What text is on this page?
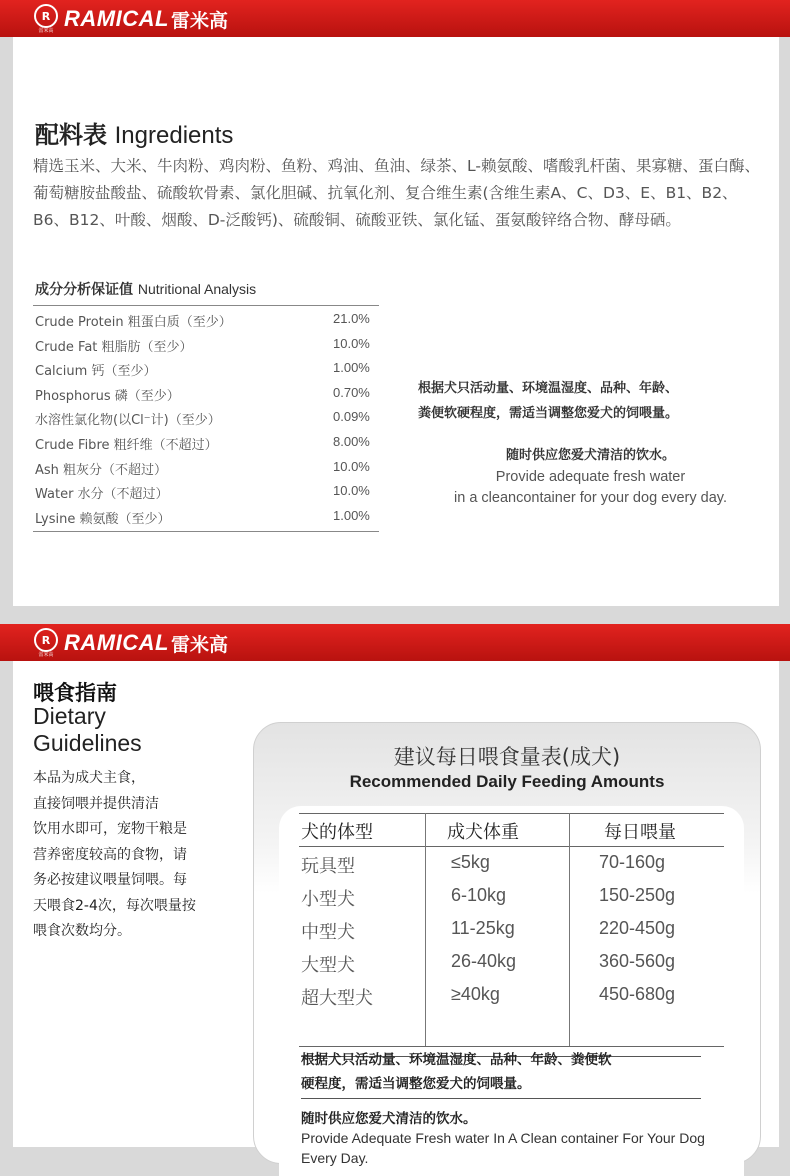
R
雷米高 RAMICAL 雷米高
配料表 Ingredients
精选玉米、大米、牛肉粉、鸡肉粉、鱼粉、鸡油、鱼油、绿茶、L-赖氨酸、嗜酸乳杆菌、果寡糖、蛋白酶、葡萄糖胺盐酸盐、硫酸软骨素、氯化胆碱、抗氧化剂、复合维生素(含维生素A、C、D3、E、B1、B2、B6、B12、叶酸、烟酸、D-泛酸钙)、硫酸铜、硫酸亚铁、氯化锰、蛋氨酸锌络合物、酵母硒。
成分分析保证值 Nutritional Analysis
Crude Protein 粗蛋白质（至少）	21.0%
Crude Fat 粗脂肪（至少）	10.0%
Calcium 钙（至少）	1.00%
Phosphorus 磷（至少）	0.70%
水溶性氯化物(以Cl⁻计)（至少）	0.09%
Crude Fibre 粗纤维（不超过）	8.00%
Ash 粗灰分（不超过）	10.0%
Water 水分（不超过）	10.0%
Lysine 赖氨酸（至少）	1.00%
根据犬只活动量、环境温湿度、品种、年龄、
粪便软硬程度，需适当调整您爱犬的饲喂量。
随时供应您爱犬清洁的饮水。
Provide adequate fresh water
in a cleancontainer for your dog every day.
R
雷米高 RAMICAL 雷米高
喂食指南
Dietary
Guidelines
本品为成犬主食，
直接饲喂并提供清洁
饮用水即可，宠物干粮是
营养密度较高的食物，请
务必按建议喂量饲喂。每
天喂食2-4次，每次喂量按
喂食次数均分。
建议每日喂食量表(成犬)
Recommended Daily Feeding Amounts
犬的体型	成犬体重	每日喂量
玩具型	≤5kg	70-160g
小型犬	6-10kg	150-250g
中型犬	11-25kg	220-450g
大型犬	26-40kg	360-560g
超大型犬	≥40kg	450-680g
根据犬只活动量、环境温湿度、品种、年龄、粪便软
硬程度，需适当调整您爱犬的饲喂量。
随时供应您爱犬清洁的饮水。
Provide Adequate Fresh water In A Clean container For Your Dog Every Day.
